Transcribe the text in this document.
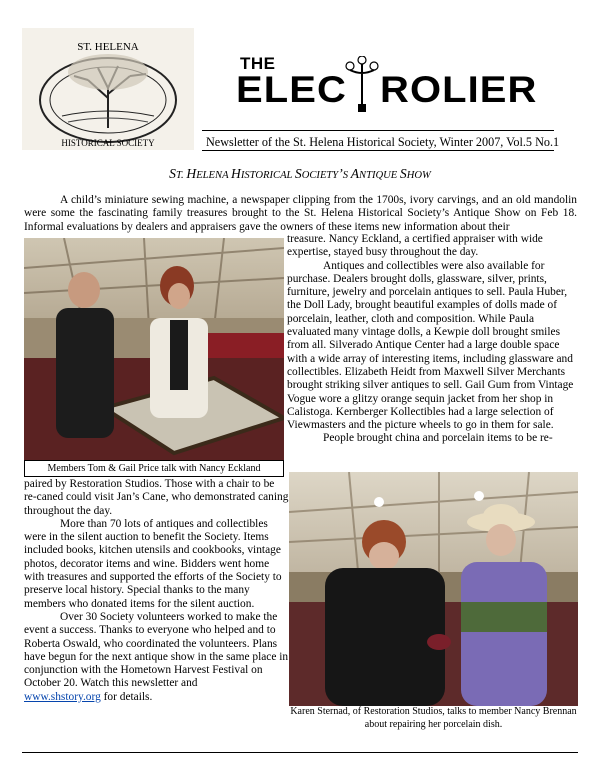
ST. HELENA
HISTORICAL SOCIETY
THE
ELEC ROLIER
Newsletter of the St. Helena Historical Society, Winter 2007, Vol.5 No.1
ST. HELENA HISTORICAL SOCIETY’S ANTIQUE SHOW

A child’s miniature sewing machine, a newspaper clipping from the 1700s, ivory carvings, and an old mandolin were some the fascinating family treasures brought to the St. Helena Historical Society’s Antique Show on Feb 18. Informal evaluations by dealers and appraisers gave the owners of these items new information about their

treasure. Nancy Eckland, a certified appraiser with wide expertise, stayed busy throughout the day.

Antiques and collectibles were also available for purchase. Dealers brought dolls, glassware, silver, prints, furniture, jewelry and porcelain antiques to sell. Paula Huber, the Doll Lady, brought beautiful examples of dolls made of porcelain, leather, cloth and composition. While Paula evaluated many vintage dolls, a Kewpie doll brought smiles from all. Silverado Antique Center had a large double space with a wide array of interesting items, including glassware and collectibles. Elizabeth Heidt from Maxwell Silver Merchants brought striking silver antiques to sell. Gail Gum from Vintage Vogue wore a glitzy orange sequin jacket from her shop in Calistoga. Kernberger Kollectibles had a large selection of Viewmasters and the picture wheels to go in them for sale.

People brought china and porcelain items to be re-

Members Tom & Gail Price talk with Nancy Eckland

paired by Restoration Studios. Those with a chair to be re-caned could visit Jan’s Cane, who demonstrated caning throughout the day.

More than 70 lots of antiques and collectibles were in the silent auction to benefit the Society. Items included books, kitchen utensils and cookbooks, vintage photos, decorator items and wine. Bidders went home with treasures and supported the efforts of the Society to preserve local history. Special thanks to the many members who donated items for the silent auction.

Over 30 Society volunteers worked to make the event a success. Thanks to everyone who helped and to Roberta Oswald, who coordinated the volunteers. Plans have begun for the next antique show in the same place in conjunction with the Hometown Harvest Festival on October 20. Watch this newsletter and
www.shstory.org for details.

Karen Sternad, of Restoration Studios, talks to member Nancy Brennan about repairing her porcelain dish.
